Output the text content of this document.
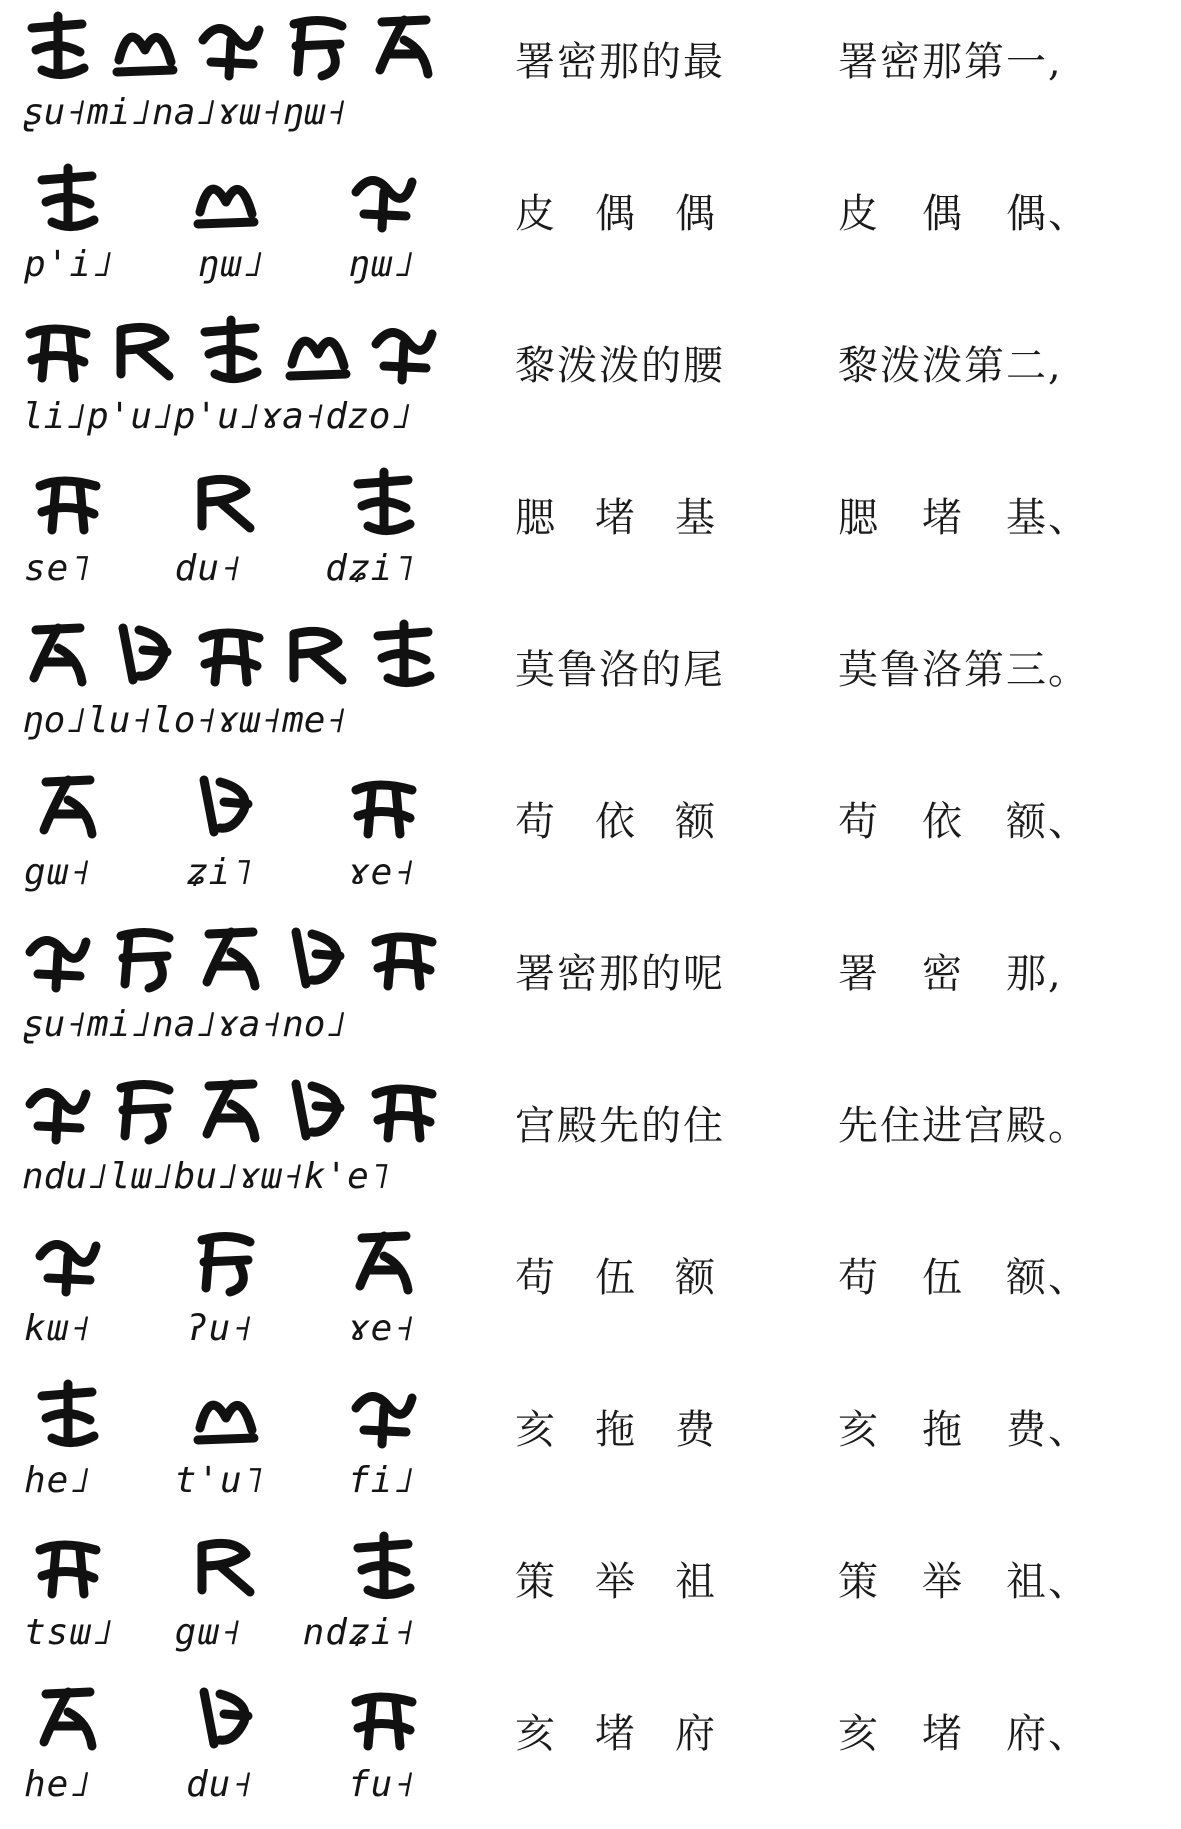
ʂu˧mi˩na˩ɤɯ˧ŋɯ˧
署密那的最	署密那第一,
p'i˩ ŋɯ˩ ŋɯ˩
皮　偶　偶	皮　偶　偶、
li˩p'u˩p'u˩ɤa˧dzo˩
黎泼泼的腰	黎泼泼第二,
se˥ du˧ dʑi˥
腮　堵　基	腮　堵　基、
ŋo˩lu˧lo˧ɤɯ˧me˧
莫鲁洛的尾	莫鲁洛第三。
gɯ˧	ʑi˥	ɤe˧
苟　依　额	苟　依　额、
ʂu˧mi˩na˩ɤa˧no˩
署密那的呢	署　密　那,
ndu˩lɯ˩bu˩ɤɯ˧k'e˥
宫殿先的住	先住进宫殿。
kɯ˧	ʔu˧	ɤe˧
苟　伍　额	苟　伍　额、
he˩ t'u˥ fi˩
亥　拖　费	亥　拖　费、
tsɯ˩ gɯ˧ ndʑi˧
策　举　祖	策　举　祖、
he˩	du˧	fu˧
亥　堵　府	亥　堵　府、
